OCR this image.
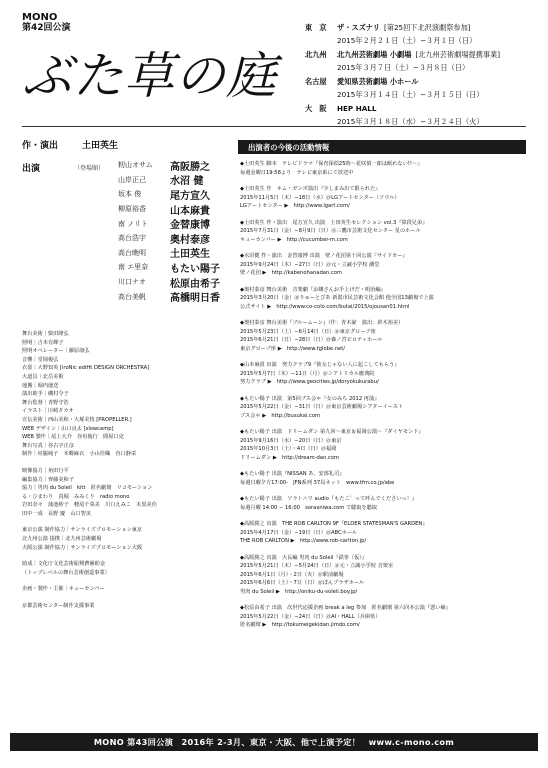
MONO
第42回公演
ぶた草の庭
東　京	ザ・スズナリ [第25回下北沢演劇祭参加]
2015年２月２１日（土）−３月１日（日）
北九州	北九州芸術劇場 小劇場 [北九州芸術劇場提携事業]
2015年３月７日（土）−３月８日（日）
名古屋	愛知県芸術劇場 小ホール
2015年３月１４日（土）−３月１５日（日）
大　阪	HEP HALL
2015年３月１８日（水）−３月２４日（火）
作・演出	土田英生
出演	（登場順）	籾山オサム	高阪勝之
山岸正己	水沼 健
坂本 俊	尾方宣久
柳原裕香	山本麻貴
南 ノリト	金替康博
高台浩宇	奥村泰彦
高台晩明	土田英生
南 エ里奈	もたい陽子
川口ナオ	松原由希子
高台美帆	高橋明日香
舞台美術｜柴田隆弘
照明｜吉本有輝子
照明オペレーター｜藤原康弘
音響｜堂岡俊弘
衣裳｜大野知英 [iroNic ediHt DESIGN ORCHESTRA]
大道具｜北岳美術
運搬｜堀内運送
演出助手｜磯村令子
舞台監督｜青野守浩
イラスト｜川崎タカオ
宣伝美術｜西山美和・大塚美枝 [PROPELLER.]
WEB デザイン｜山口良太 [slowcamp]
WEB 製作｜尾上大介　谷垣俊行　間屋口克
舞台写真｜谷古宇正彦
制作｜垣脇純子　本郷麻衣　小山佳織　谷口静栄
映像協力｜角田行平
編集協力｜齊藤美和子
協力｜男肉 du Soleil　kitt　匿名劇壇　リコモーション
る・ひまわり　真堀　みみくり　radio mono
岩田奈々　蒲池紗子　軽尾千菜美　川口えみこ　木黒美佳
田中一成　長野 慶　山口智美
東京公演 制作協力｜サンライズプロモーション東京
北九州公演 提携｜北九州芸術劇場
大阪公演 制作協力｜サンライズプロモーション大阪
助成｜文化庁文化芸術振興費補助金
（トップレベルの舞台芸術創造事業）
企画・製作・主催｜キューカンパー
京都芸術センター制作支援事業
出演者の今後の活動情報
◆土田英生 脚本　テレビドラマ『保育探偵25時〜花咲慎一郎は眠れない!!〜』
毎週金曜日19:58より　テレビ東京系にて放送中
◆土田英生 作　キム・ガンボ演出『少しまみ出て限られた』
2015年11月5日（木）−18日（水）＠LGアートセンター（ソウル）
LGアートセンター ▶　http://www.lgart.com/
◆土田英生 作・演出　尾方宣久 出演　土田英生セレクション vol.3『算段兄弟』
2015年7月31日（金）−8月9日（日）＠三鷹市芸術文化センター 星のホール
キューカンパー ▶　http://cucumber-m.com
◆水沼健 作・演出　金替康博 出演　壁ノ花団第十回公演『サイドカー』
2015年9月24日（木）−27日（日）＠元・立誠小学校 講堂
壁ノ花団 ▶　http://kabenohanadan.com
◆奥村泰彦 舞台美術　音楽劇『お嬢さんお手上げだ・明治編』
2015年3月20日（金）＠りゅーとぴあ 新潟市民芸術文化会館 他全国13劇場で上演
公式サイト ▶　http://www.co-colo.com/butai/2015/ojousan01.html
◆奥村泰彦 舞台美術『ブルームーン』（作：青木豪　演出：鈴木裕美）
2015年5月23日（土）−6月14日（日）＠東京グローブ座
2015年6月21日（日）−28日（日）＠森ノ宮ピロティホール
東京グローブ座 ▶　http://www.tglobe.net/
◆山本麻貴 出演　努力クラブ9『彼女じゃない人に起こしてもらう』
2015年5月7日（木）−11日（月）＠シアトリカル應典院
努力クラブ ▶　http://www.geocities.jp/doryokukurabu/
◆もたい陽子 出演　第5回ブス会＊『女のみち 2012 再演』
2015年5月22日（金）−31日（日）＠東京芸術劇場シアターイースト
ブス会＊ ▶　http://busukai.com
◆もたい陽子 出演　ドリームダン 第九回〜東京＆福岡公演〜『ダイヤモンド』
2015年9月16日（水）−20日（日）＠東京
2015年10月3日（土）・4日（日）＠福岡
ドリームダン ▶　http://dream-dan.com
◆もたい陽子 出演『NISSAN あ、安部礼司』
毎週日曜夕方17:00-　JFN系列 37局ネット　www.tfm.co.jp/abe
◆もたい陽子 出演　ソラトニワ audio『もたこ゛って呼んでくださいっ！』
毎週月曜 14:00 − 16:00　soraxniwa.com で聴取を聴取
◆高阪勝之 出演　THE ROB CARLTON 9F『ELDER STATESMAN'S GARDEN』
2015年4月17日（金）−19日（日）＠ABCホール
THE ROB CARLTON ▶　http://www.rob-carlton.jp/
◆高阪勝之 出演　大長編 男肉 du Soleil『鉄拳（仮）』
2015年5月21日（木）−5月24日（日）＠元・立誠小学校 音楽室
2015年6月1日（月）・2日（火）＠駅前劇場
2015年6月6日（土）・7日（日）＠ぽんプラザホール
男肉 du Soleil ▶　http://oniku-du-soleil.boy.jp/
◆松原由希子 出演　次世代応援企画 break a leg 参加　匿名劇壇 第六回本公演『悪い癖』
2015年5月22日（金）−24日（日）＠AI・HALL（兵庫県）
匿名劇壇 ▶　http://tokumeigekidan.jimdo.com/
MONO 第43回公演　2016年 2-3月、東京・大阪、他で上演予定！　www.c-mono.com
